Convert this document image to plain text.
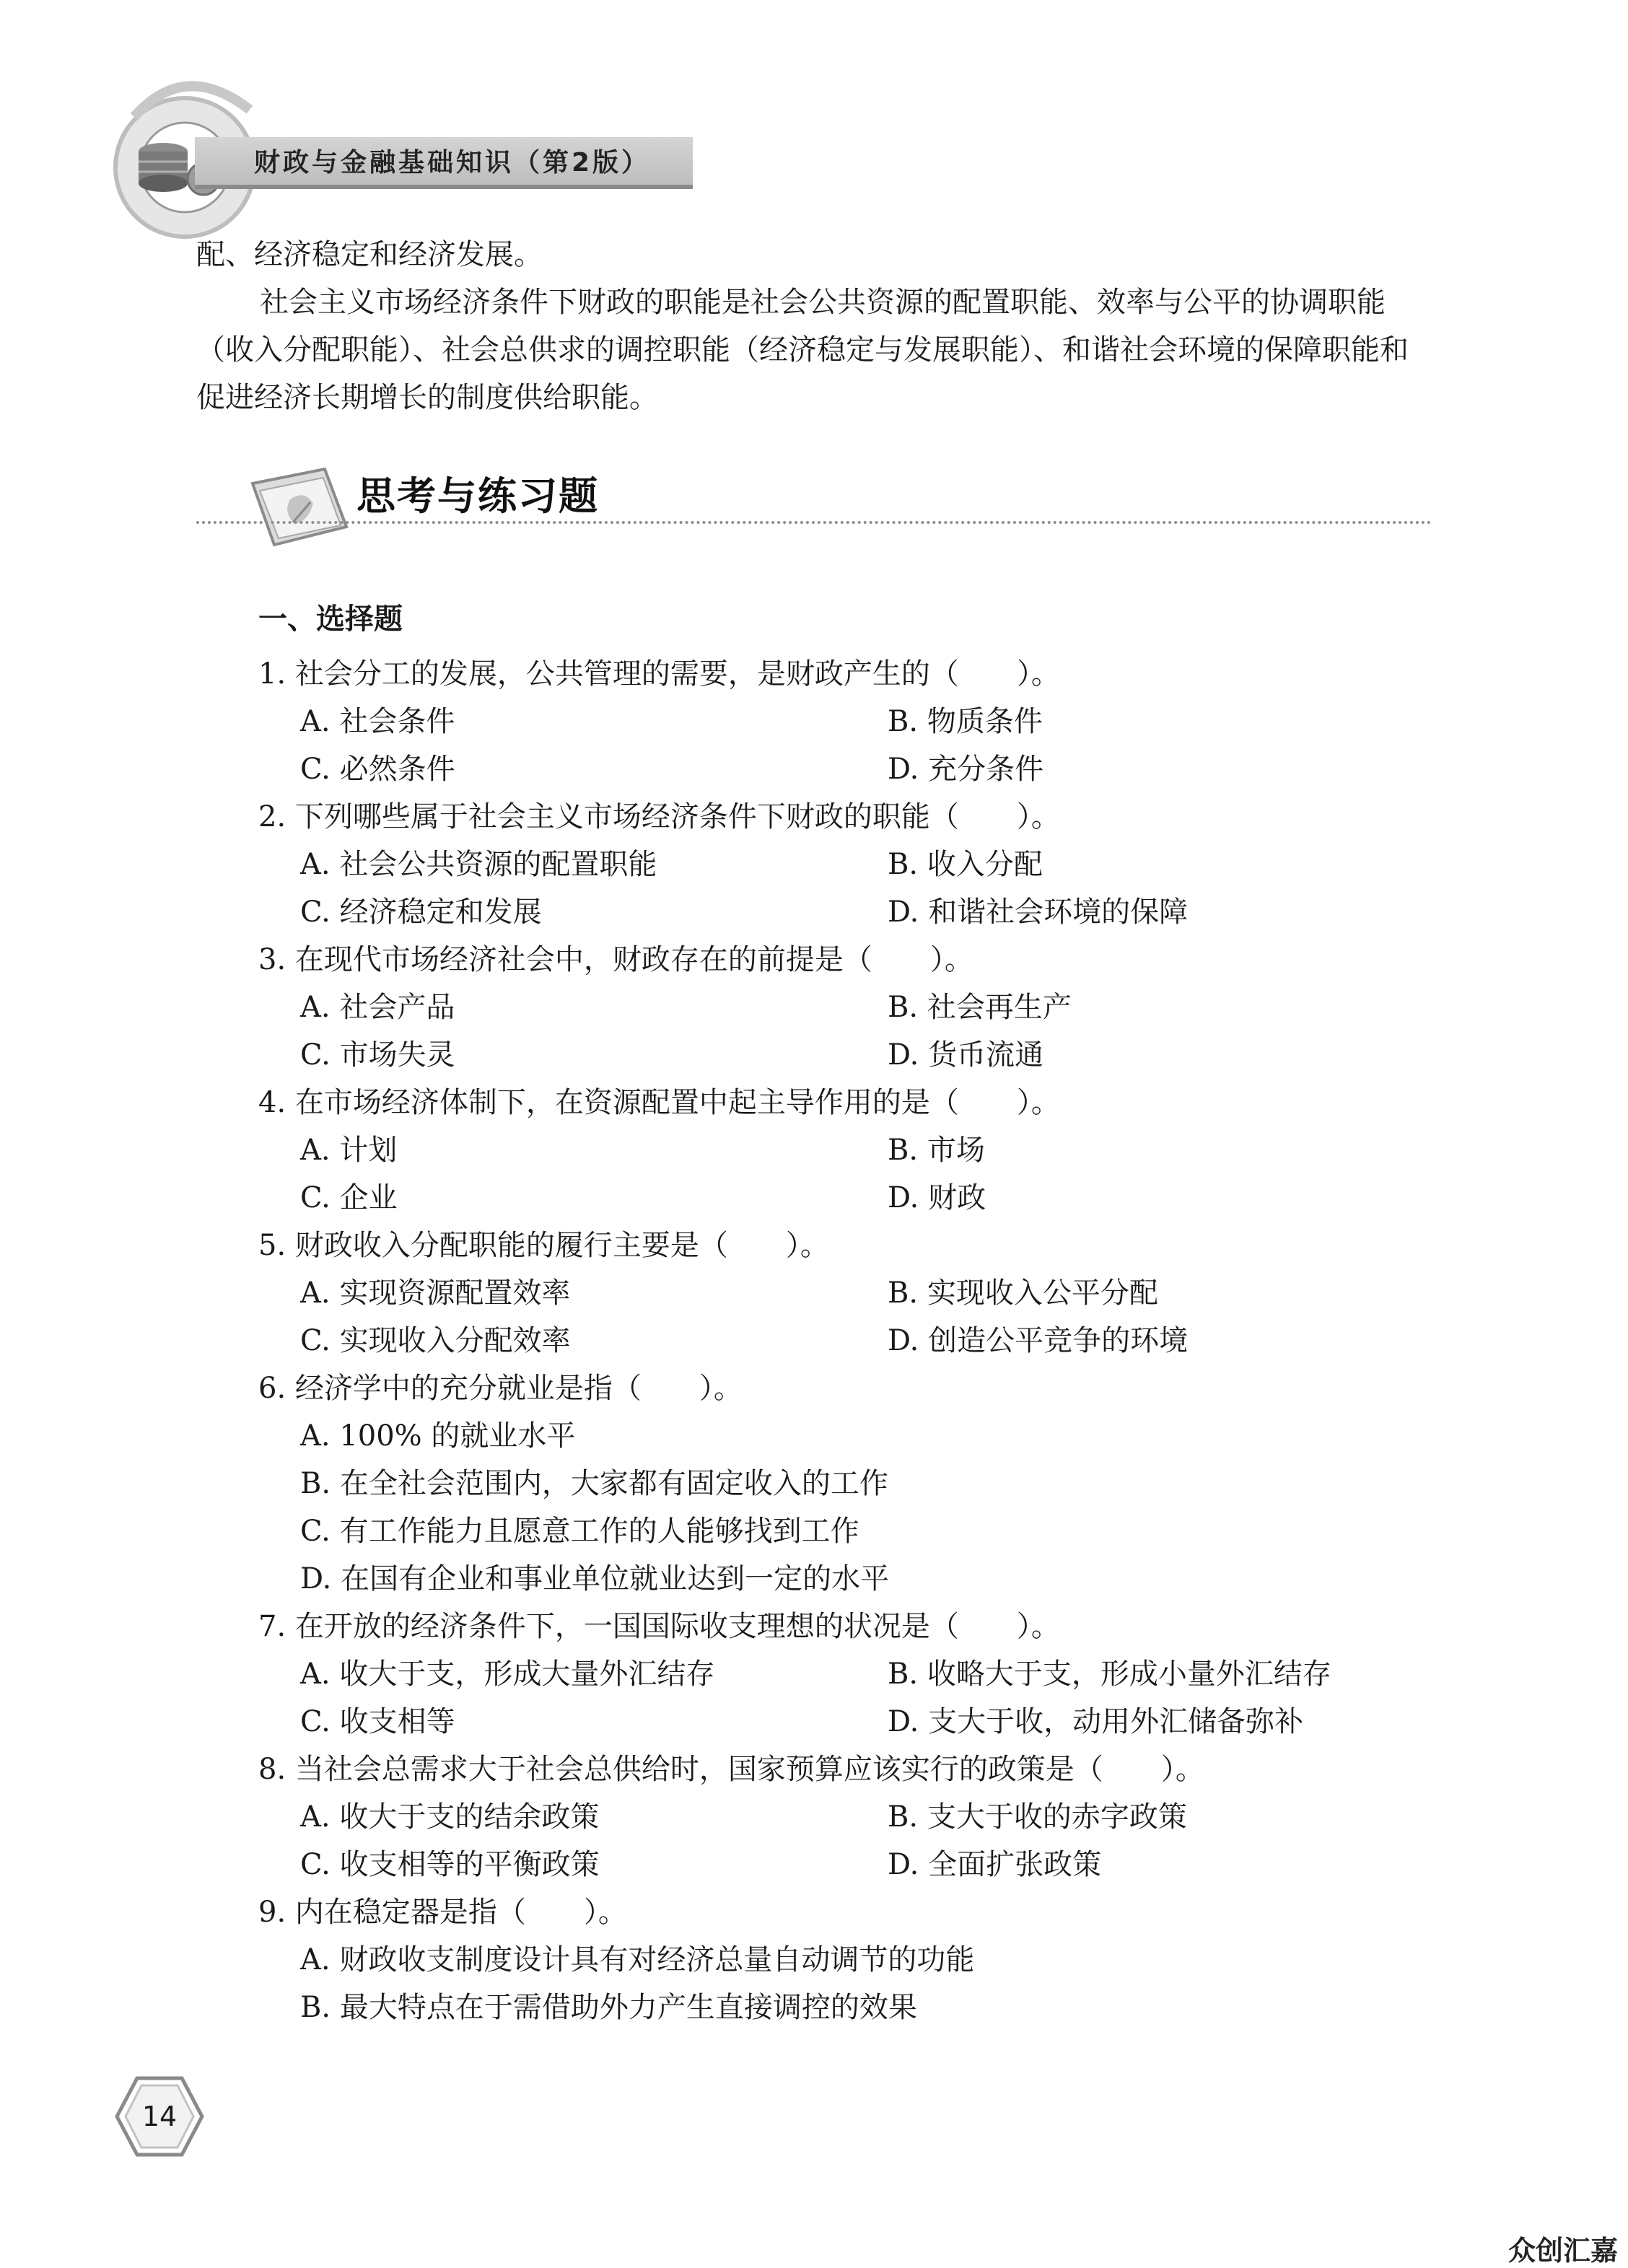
财政与金融基础知识（第2版）

配、经济稳定和经济发展。

社会主义市场经济条件下财政的职能是社会公共资源的配置职能、效率与公平的协调职能（收入分配职能）、社会总供求的调控职能（经济稳定与发展职能）、和谐社会环境的保障职能和促进经济长期增长的制度供给职能。

思考与练习题
一、选择题
1. 社会分工的发展，公共管理的需要，是财政产生的（　　）。
A. 社会条件	B. 物质条件
C. 必然条件	D. 充分条件
2. 下列哪些属于社会主义市场经济条件下财政的职能（　　）。
A. 社会公共资源的配置职能	B. 收入分配
C. 经济稳定和发展	D. 和谐社会环境的保障
3. 在现代市场经济社会中，财政存在的前提是（　　）。
A. 社会产品	B. 社会再生产
C. 市场失灵	D. 货币流通
4. 在市场经济体制下，在资源配置中起主导作用的是（　　）。
A. 计划	B. 市场
C. 企业	D. 财政
5. 财政收入分配职能的履行主要是（　　）。
A. 实现资源配置效率	B. 实现收入公平分配
C. 实现收入分配效率	D. 创造公平竞争的环境
6. 经济学中的充分就业是指（　　）。
A. 100% 的就业水平
B. 在全社会范围内，大家都有固定收入的工作
C. 有工作能力且愿意工作的人能够找到工作
D. 在国有企业和事业单位就业达到一定的水平
7. 在开放的经济条件下，一国国际收支理想的状况是（　　）。
A. 收大于支，形成大量外汇结存	B. 收略大于支，形成小量外汇结存
C. 收支相等	D. 支大于收，动用外汇储备弥补
8. 当社会总需求大于社会总供给时，国家预算应该实行的政策是（　　）。
A. 收大于支的结余政策	B. 支大于收的赤字政策
C. 收支相等的平衡政策	D. 全面扩张政策
9. 内在稳定器是指（　　）。
A. 财政收支制度设计具有对经济总量自动调节的功能
B. 最大特点在于需借助外力产生直接调控的效果
14
众创汇嘉
